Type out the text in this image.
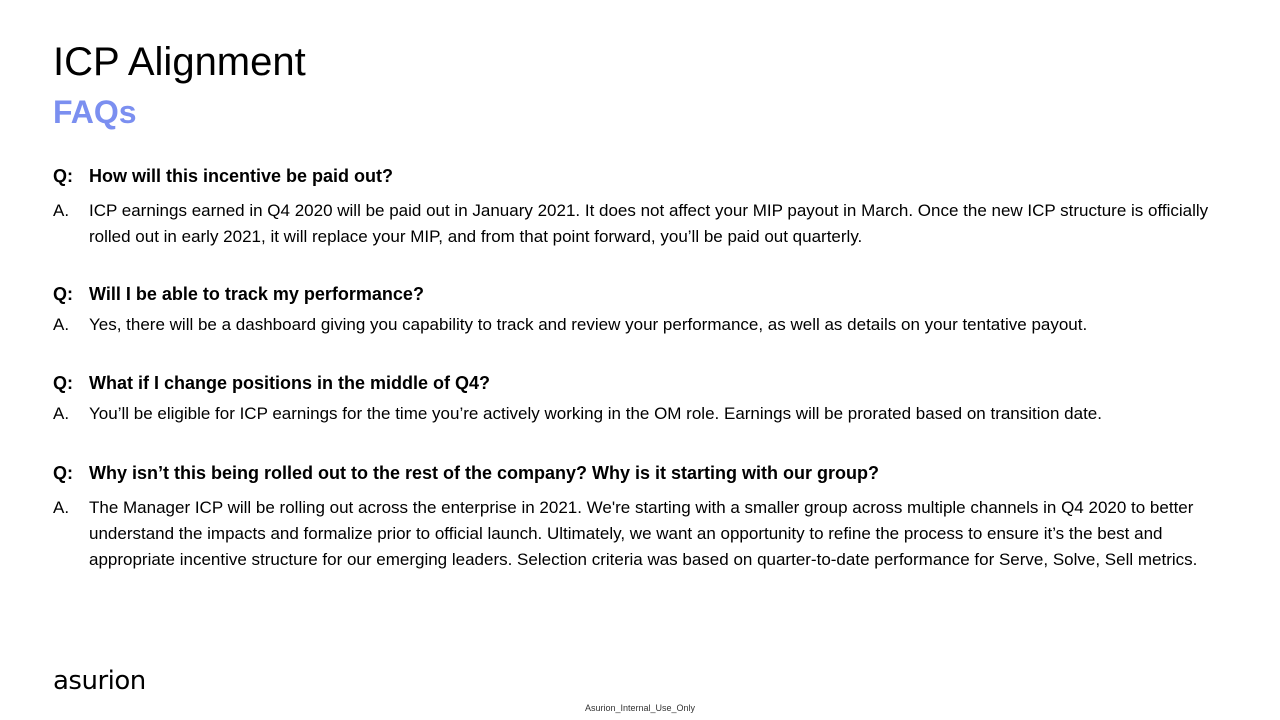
ICP Alignment
FAQs
Q: How will this incentive be paid out?
A.	ICP earnings earned in Q4 2020 will be paid out in January 2021. It does not affect your MIP payout in March. Once the new ICP structure is officially rolled out in early 2021, it will replace your MIP, and from that point forward, you’ll be paid out quarterly.
Q: Will I be able to track my performance?
A.	Yes, there will be a dashboard giving you capability to track and review your performance, as well as details on your tentative payout.
Q: What if I change positions in the middle of Q4?
A.	You’ll be eligible for ICP earnings for the time you’re actively working in the OM role. Earnings will be prorated based on transition date.
Q: Why isn’t this being rolled out to the rest of the company? Why is it starting with our group?
A.	The Manager ICP will be rolling out across the enterprise in 2021. We're starting with a smaller group across multiple channels in Q4 2020 to better understand the impacts and formalize prior to official launch. Ultimately, we want an opportunity to refine the process to ensure it’s the best and appropriate incentive structure for our emerging leaders. Selection criteria was based on quarter-to-date performance for Serve, Solve, Sell metrics.
asurion
Asurion_Internal_Use_Only
